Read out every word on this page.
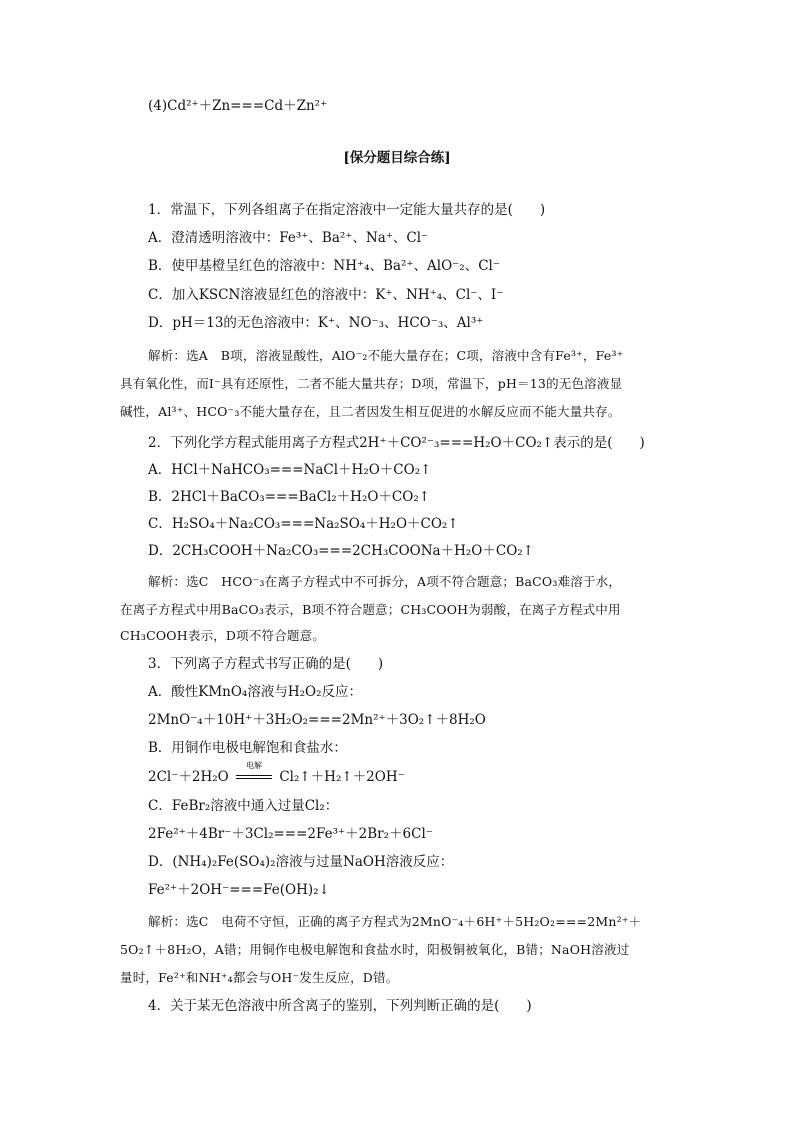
(4)Cd²⁺＋Zn===Cd＋Zn²⁺
[保分题目综合练]
1．常温下，下列各组离子在指定溶液中一定能大量共存的是(　　)
A．澄清透明溶液中：Fe³⁺、Ba²⁺、Na⁺、Cl⁻
B．使甲基橙呈红色的溶液中：NH⁺₄、Ba²⁺、AlO⁻₂、Cl⁻
C．加入KSCN溶液显红色的溶液中：K⁺、NH⁺₄、Cl⁻、I⁻
D．pH＝13的无色溶液中：K⁺、NO⁻₃、HCO⁻₃、Al³⁺
解析：选A　B项，溶液显酸性，AlO⁻₂不能大量存在；C项，溶液中含有Fe³⁺，Fe³⁺
具有氧化性，而I⁻具有还原性，二者不能大量共存；D项，常温下，pH＝13的无色溶液显
碱性，Al³⁺、HCO⁻₃不能大量存在，且二者因发生相互促进的水解反应而不能大量共存。
2．下列化学方程式能用离子方程式2H⁺＋CO²⁻₃===H₂O＋CO₂↑表示的是(　　)
A．HCl＋NaHCO₃===NaCl＋H₂O＋CO₂↑
B．2HCl＋BaCO₃===BaCl₂＋H₂O＋CO₂↑
C．H₂SO₄＋Na₂CO₃===Na₂SO₄＋H₂O＋CO₂↑
D．2CH₃COOH＋Na₂CO₃===2CH₃COONa＋H₂O＋CO₂↑
解析：选C　HCO⁻₃在离子方程式中不可拆分，A项不符合题意；BaCO₃难溶于水，
在离子方程式中用BaCO₃表示，B项不符合题意；CH₃COOH为弱酸，在离子方程式中用
CH₃COOH表示，D项不符合题意。
3．下列离子方程式书写正确的是(　　)
A．酸性KMnO₄溶液与H₂O₂反应：
2MnO⁻₄＋10H⁺＋3H₂O₂===2Mn²⁺＋3O₂↑＋8H₂O
B．用铜作电极电解饱和食盐水：
2Cl⁻＋2H₂O
电解
Cl₂↑＋H₂↑＋2OH⁻
C．FeBr₂溶液中通入过量Cl₂：
2Fe²⁺＋4Br⁻＋3Cl₂===2Fe³⁺＋2Br₂＋6Cl⁻
D．(NH₄)₂Fe(SO₄)₂溶液与过量NaOH溶液反应：
Fe²⁺＋2OH⁻===Fe(OH)₂↓
解析：选C　电荷不守恒，正确的离子方程式为2MnO⁻₄＋6H⁺＋5H₂O₂===2Mn²⁺＋
5O₂↑＋8H₂O，A错；用铜作电极电解饱和食盐水时，阳极铜被氧化，B错；NaOH溶液过
量时，Fe²⁺和NH⁺₄都会与OH⁻发生反应，D错。
4．关于某无色溶液中所含离子的鉴别，下列判断正确的是(　　)
